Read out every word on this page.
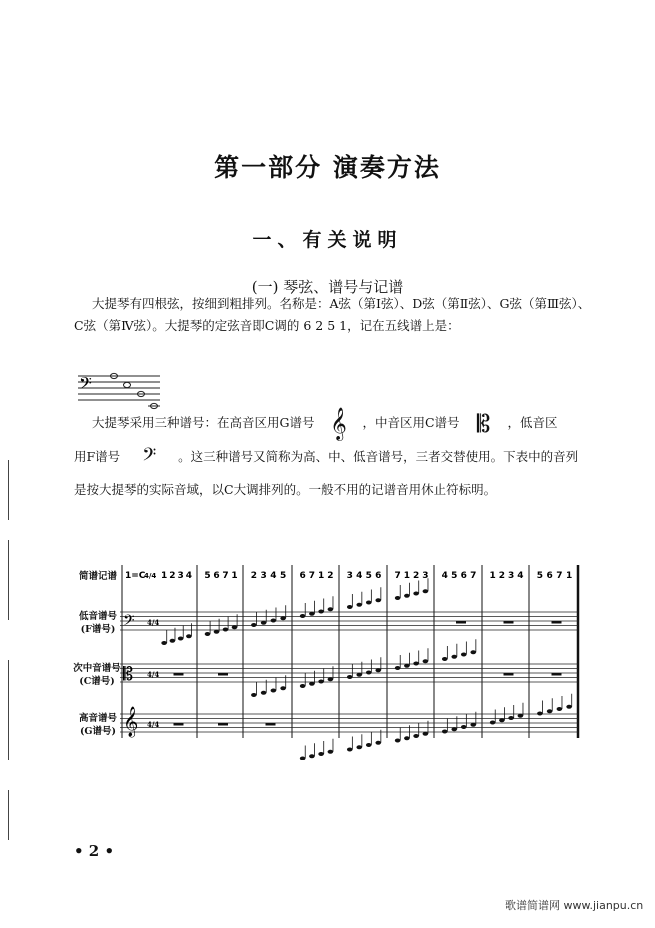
第一部分 演奏方法
一、有关说明
(一) 琴弦、谱号与记谱
大提琴有四根弦，按细到粗排列。名称是：A弦（第Ⅰ弦）、D弦（第Ⅱ弦）、G弦（第Ⅲ弦）、C弦（第Ⅳ弦）。大提琴的定弦音即C调的 6 2 5 1，记在五线谱上是：
𝄢
大提琴采用三种谱号：在高音区用G谱号 𝄞 ，中音区用C谱号 𝄡 ，低音区
用F谱号 𝄢 。这三种谱号又简称为高、中、低音谱号，三者交替使用。下表中的音列
是按大提琴的实际音域，以C大调排列的。一般不用的记谱音用休止符标明。
简谱记谱
低音谱号
(F谱号)
次中音谱号
(C谱号)
高音谱号
(G谱号)
1=C
4/4 1 2 3 4 5 6 7 1 2 3 4 5 6 7 1 2 3 4 5 6 7 1 2 3 4 5 6 7 1 2 3 4 5 6 7 1
𝄢 4/4
𝄡 4/4
𝄞 4/4
• 2 •
歌谱简谱网 www.jianpu.cn
